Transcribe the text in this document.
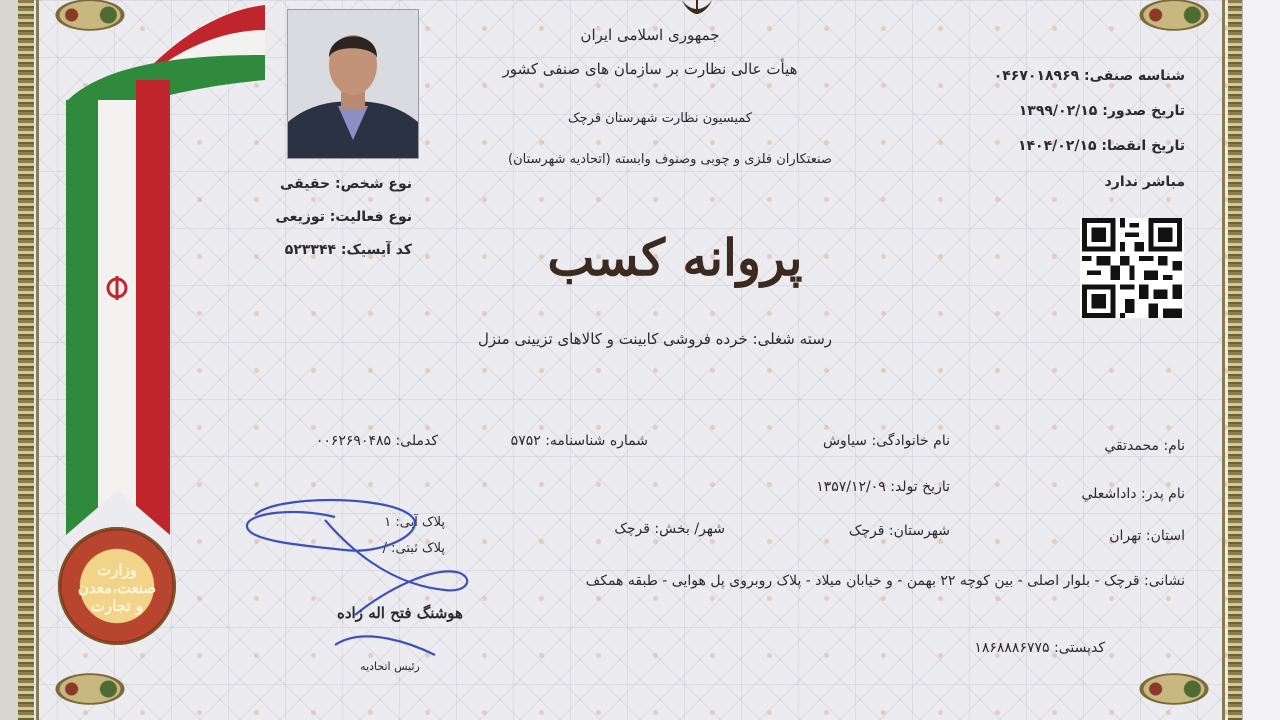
وزارت
صنعت،معدن
و تجارت
جمهوری اسلامی ایران
هیأت عالی نظارت بر سازمان های صنفی کشور
کمیسیون نظارت شهرستان قرچک
صنعتکاران فلزی و چوبی وصنوف وابسته (اتحادیه شهرستان)
پروانه کسب
رسته شغلی: خرده فروشی کابینت و کالاهای تزیینی منزل
شناسه صنفی: ۰۴۶۷۰۱۸۹۶۹
تاریخ صدور: ۱۳۹۹/۰۲/۱۵
تاریخ انقضا: ۱۴۰۴/۰۲/۱۵
مباشر ندارد
نوع شخص: حقیقی
نوع فعالیت: توزیعی
کد آیسیک: ۵۲۳۳۴۴
نام: محمدتقي
نام خانوادگی: سیاوش
شماره شناسنامه: ۵۷۵۲
کدملی: ۰۰۶۲۶۹۰۴۸۵
نام پدر: داداشعلي
تاریخ تولد: ۱۳۵۷/۱۲/۰۹
استان: تهران
شهرستان: قرچک
شهر/ بخش: قرچک
نشانی: قرچک - بلوار اصلی - بین کوچه ۲۲ بهمن - و خیابان میلاد - پلاک روبروی پل هوایی - طبقه همکف
کدپستی: ۱۸۶۸۸۸۶۷۷۵
پلاک آبی: ۱
پلاک ثبتی: /
هوشنگ فتح اله زاده
رئیس اتحادیه
